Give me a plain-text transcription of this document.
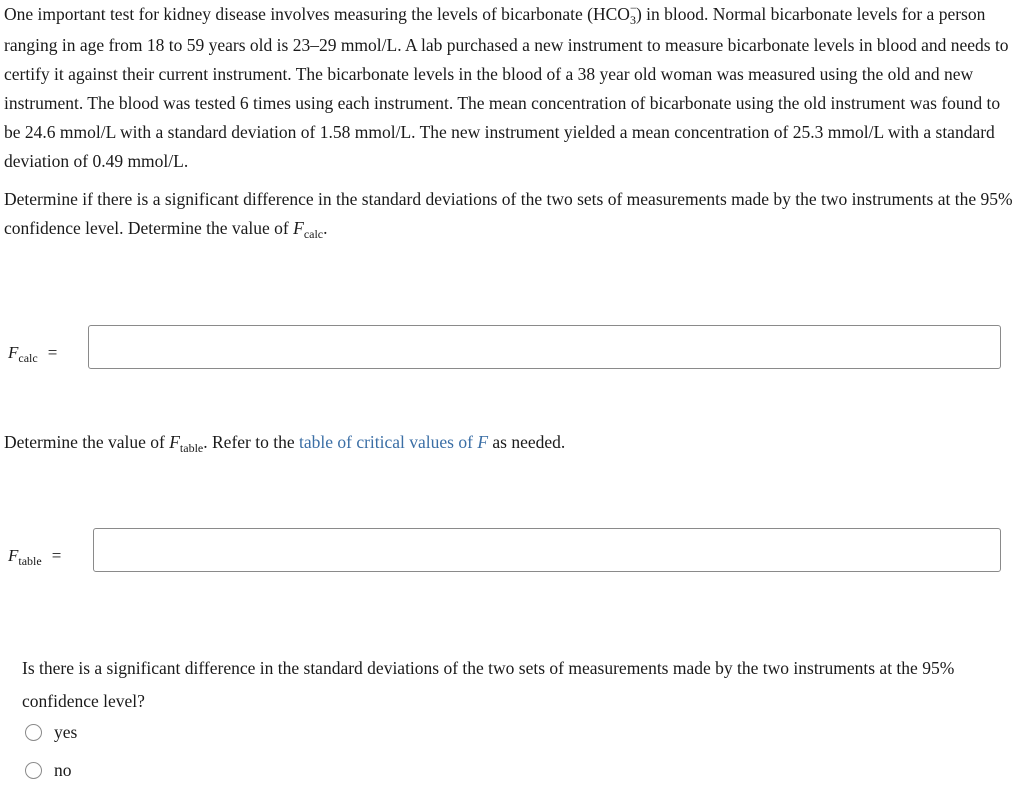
One important test for kidney disease involves measuring the levels of bicarbonate (HCO −
$_3$) in blood. Normal bicarbonate levels for a person ranging in age from 18 to 59 years old is 23–29 mmol/L. A lab purchased a new instrument to measure bicarbonate levels in blood and needs to certify it against their current instrument. The bicarbonate levels in the blood of a 38 year old woman was measured using the old and new instrument. The blood was tested 6 times using each instrument. The mean concentration of bicarbonate using the old instrument was found to be 24.6 mmol/L with a standard deviation of 1.58 mmol/L. The new instrument yielded a mean concentration of 25.3 mmol/L with a standard deviation of 0.49 mmol/L.

Determine if there is a significant difference in the standard deviations of the two sets of measurements made by the two instruments at the 95% confidence level. Determine the value of $F_{calc}$.

$F_{calc}$ =

Determine the value of $F_{table}$. Refer to the table of critical values of F as needed.

$F_{table}$ =

Is there is a significant difference in the standard deviations of the two sets of measurements made by the two instruments at the 95% confidence level?

yes
no
